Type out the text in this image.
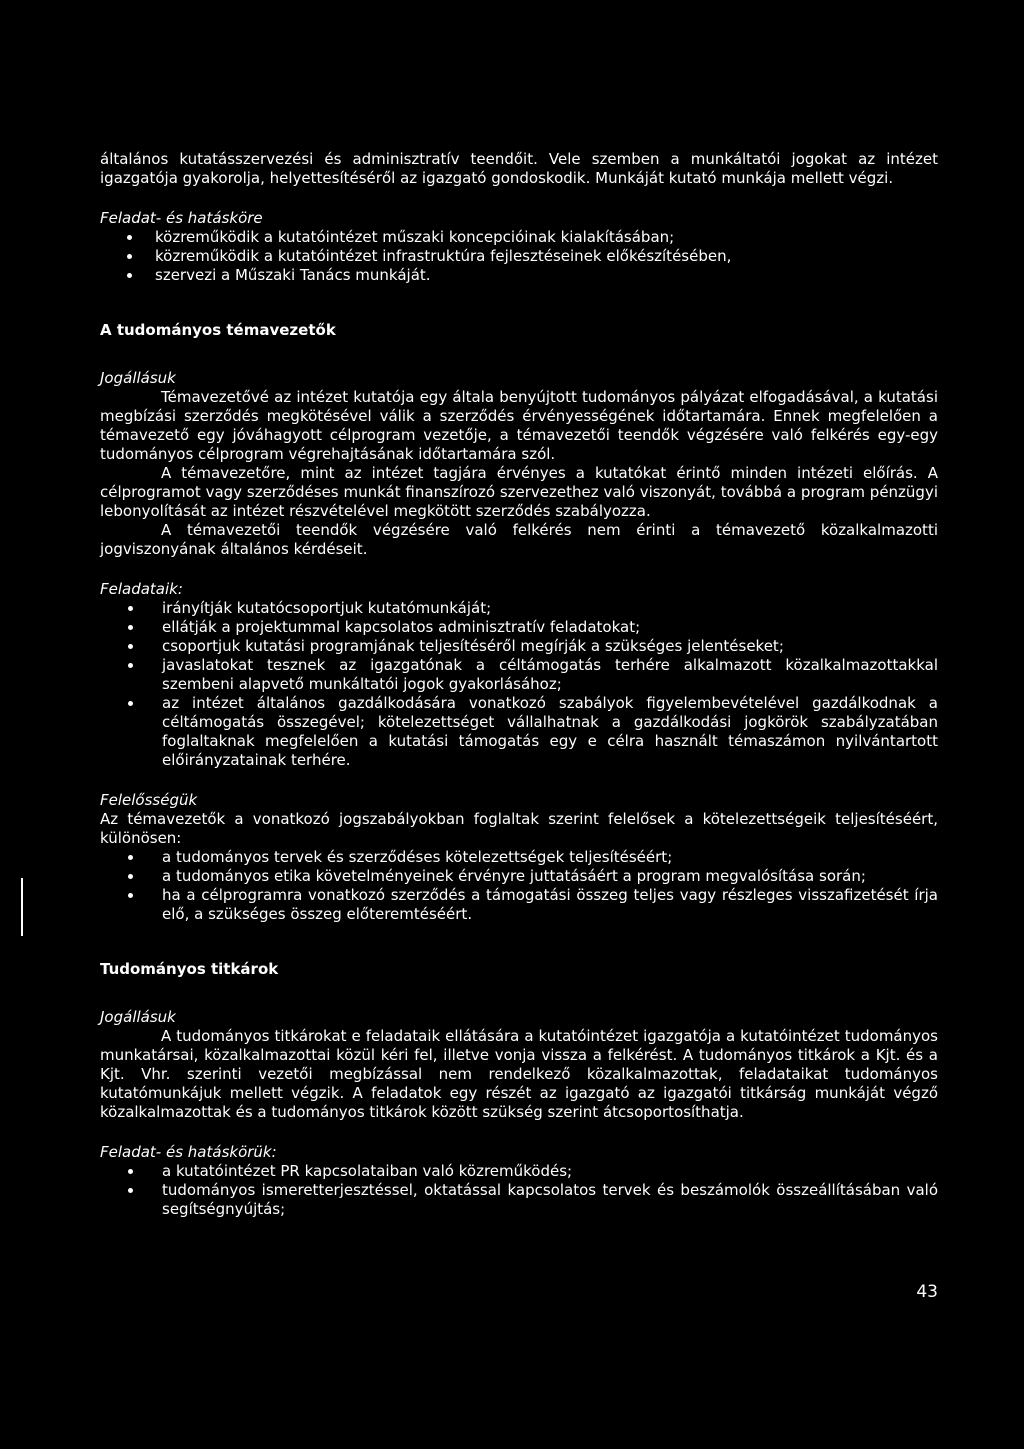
általános kutatásszervezési és adminisztratív teendőit. Vele szemben a munkáltatói jogokat az intézet igazgatója gyakorolja, helyettesítéséről az igazgató gondoskodik. Munkáját kutató munkája mellett végzi.

Feladat- és hatásköre
közreműködik a kutatóintézet műszaki koncepcióinak kialakításában;
közreműködik a kutatóintézet infrastruktúra fejlesztéseinek előkészítésében,
szervezi a Műszaki Tanács munkáját.
A tudományos témavezetők
Jogállásuk

Témavezetővé az intézet kutatója egy általa benyújtott tudományos pályázat elfogadásával, a kutatási megbízási szerződés megkötésével válik a szerződés érvényességének időtartamára. Ennek megfelelően a témavezető egy jóváhagyott célprogram vezetője, a témavezetői teendők végzésére való felkérés egy-egy tudományos célprogram végrehajtásának időtartamára szól.

A témavezetőre, mint az intézet tagjára érvényes a kutatókat érintő minden intézeti előírás. A célprogramot vagy szerződéses munkát finanszírozó szervezethez való viszonyát, továbbá a program pénzügyi lebonyolítását az intézet részvételével megkötött szerződés szabályozza.

A témavezetői teendők végzésére való felkérés nem érinti a témavezető közalkalmazotti jogviszonyának általános kérdéseit.

Feladataik:
irányítják kutatócsoportjuk kutatómunkáját;
ellátják a projektummal kapcsolatos adminisztratív feladatokat;
csoportjuk kutatási programjának teljesítéséről megírják a szükséges jelentéseket;
javaslatokat tesznek az igazgatónak a céltámogatás terhére alkalmazott közalkalmazottakkal szembeni alapvető munkáltatói jogok gyakorlásához;
az intézet általános gazdálkodására vonatkozó szabályok figyelembevételével gazdálkodnak a céltámogatás összegével; kötelezettséget vállalhatnak a gazdálkodási jogkörök szabályzatában foglaltaknak megfelelően a kutatási támogatás egy e célra használt témaszámon nyilvántartott előirányzatainak terhére.
Felelősségük

Az témavezetők a vonatkozó jogszabályokban foglaltak szerint felelősek a kötelezettségeik teljesítéséért, különösen:

a tudományos tervek és szerződéses kötelezettségek teljesítéséért;
a tudományos etika követelményeinek érvényre juttatásáért a program megvalósítása során;
ha a célprogramra vonatkozó szerződés a támogatási összeg teljes vagy részleges visszafizetését írja elő, a szükséges összeg előteremtéséért.
Tudományos titkárok
Jogállásuk

A tudományos titkárokat e feladataik ellátására a kutatóintézet igazgatója a kutatóintézet tudományos munkatársai, közalkalmazottai közül kéri fel, illetve vonja vissza a felkérést. A tudományos titkárok a Kjt. és a Kjt. Vhr. szerinti vezetői megbízással nem rendelkező közalkalmazottak, feladataikat tudományos kutatómunkájuk mellett végzik. A feladatok egy részét az igazgató az igazgatói titkárság munkáját végző közalkalmazottak és a tudományos titkárok között szükség szerint átcsoportosíthatja.

Feladat- és hatáskörük:
a kutatóintézet PR kapcsolataiban való közreműködés;
tudományos ismeretterjesztéssel, oktatással kapcsolatos tervek és beszámolók összeállításában való segítségnyújtás;
43
